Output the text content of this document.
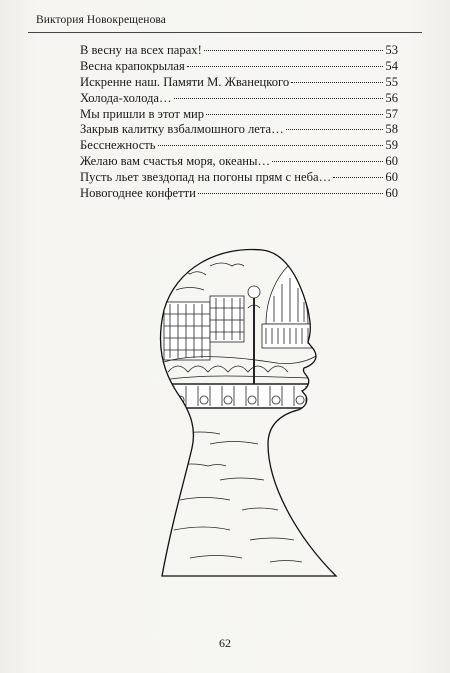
Виктория Новокрещенова
В весну на всех парах!	53
Весна крапокрылая	54
Искренне наш. Памяти М. Жванецкого	55
Холода-холода…	56
Мы пришли в этот мир	57
Закрыв калитку взбалмошного лета…	58
Бесснежность	59
Желаю вам счастья моря, океаны…	60
Пусть льет звездопад на погоны прям с неба…	60
Новогоднее конфетти	60
62
